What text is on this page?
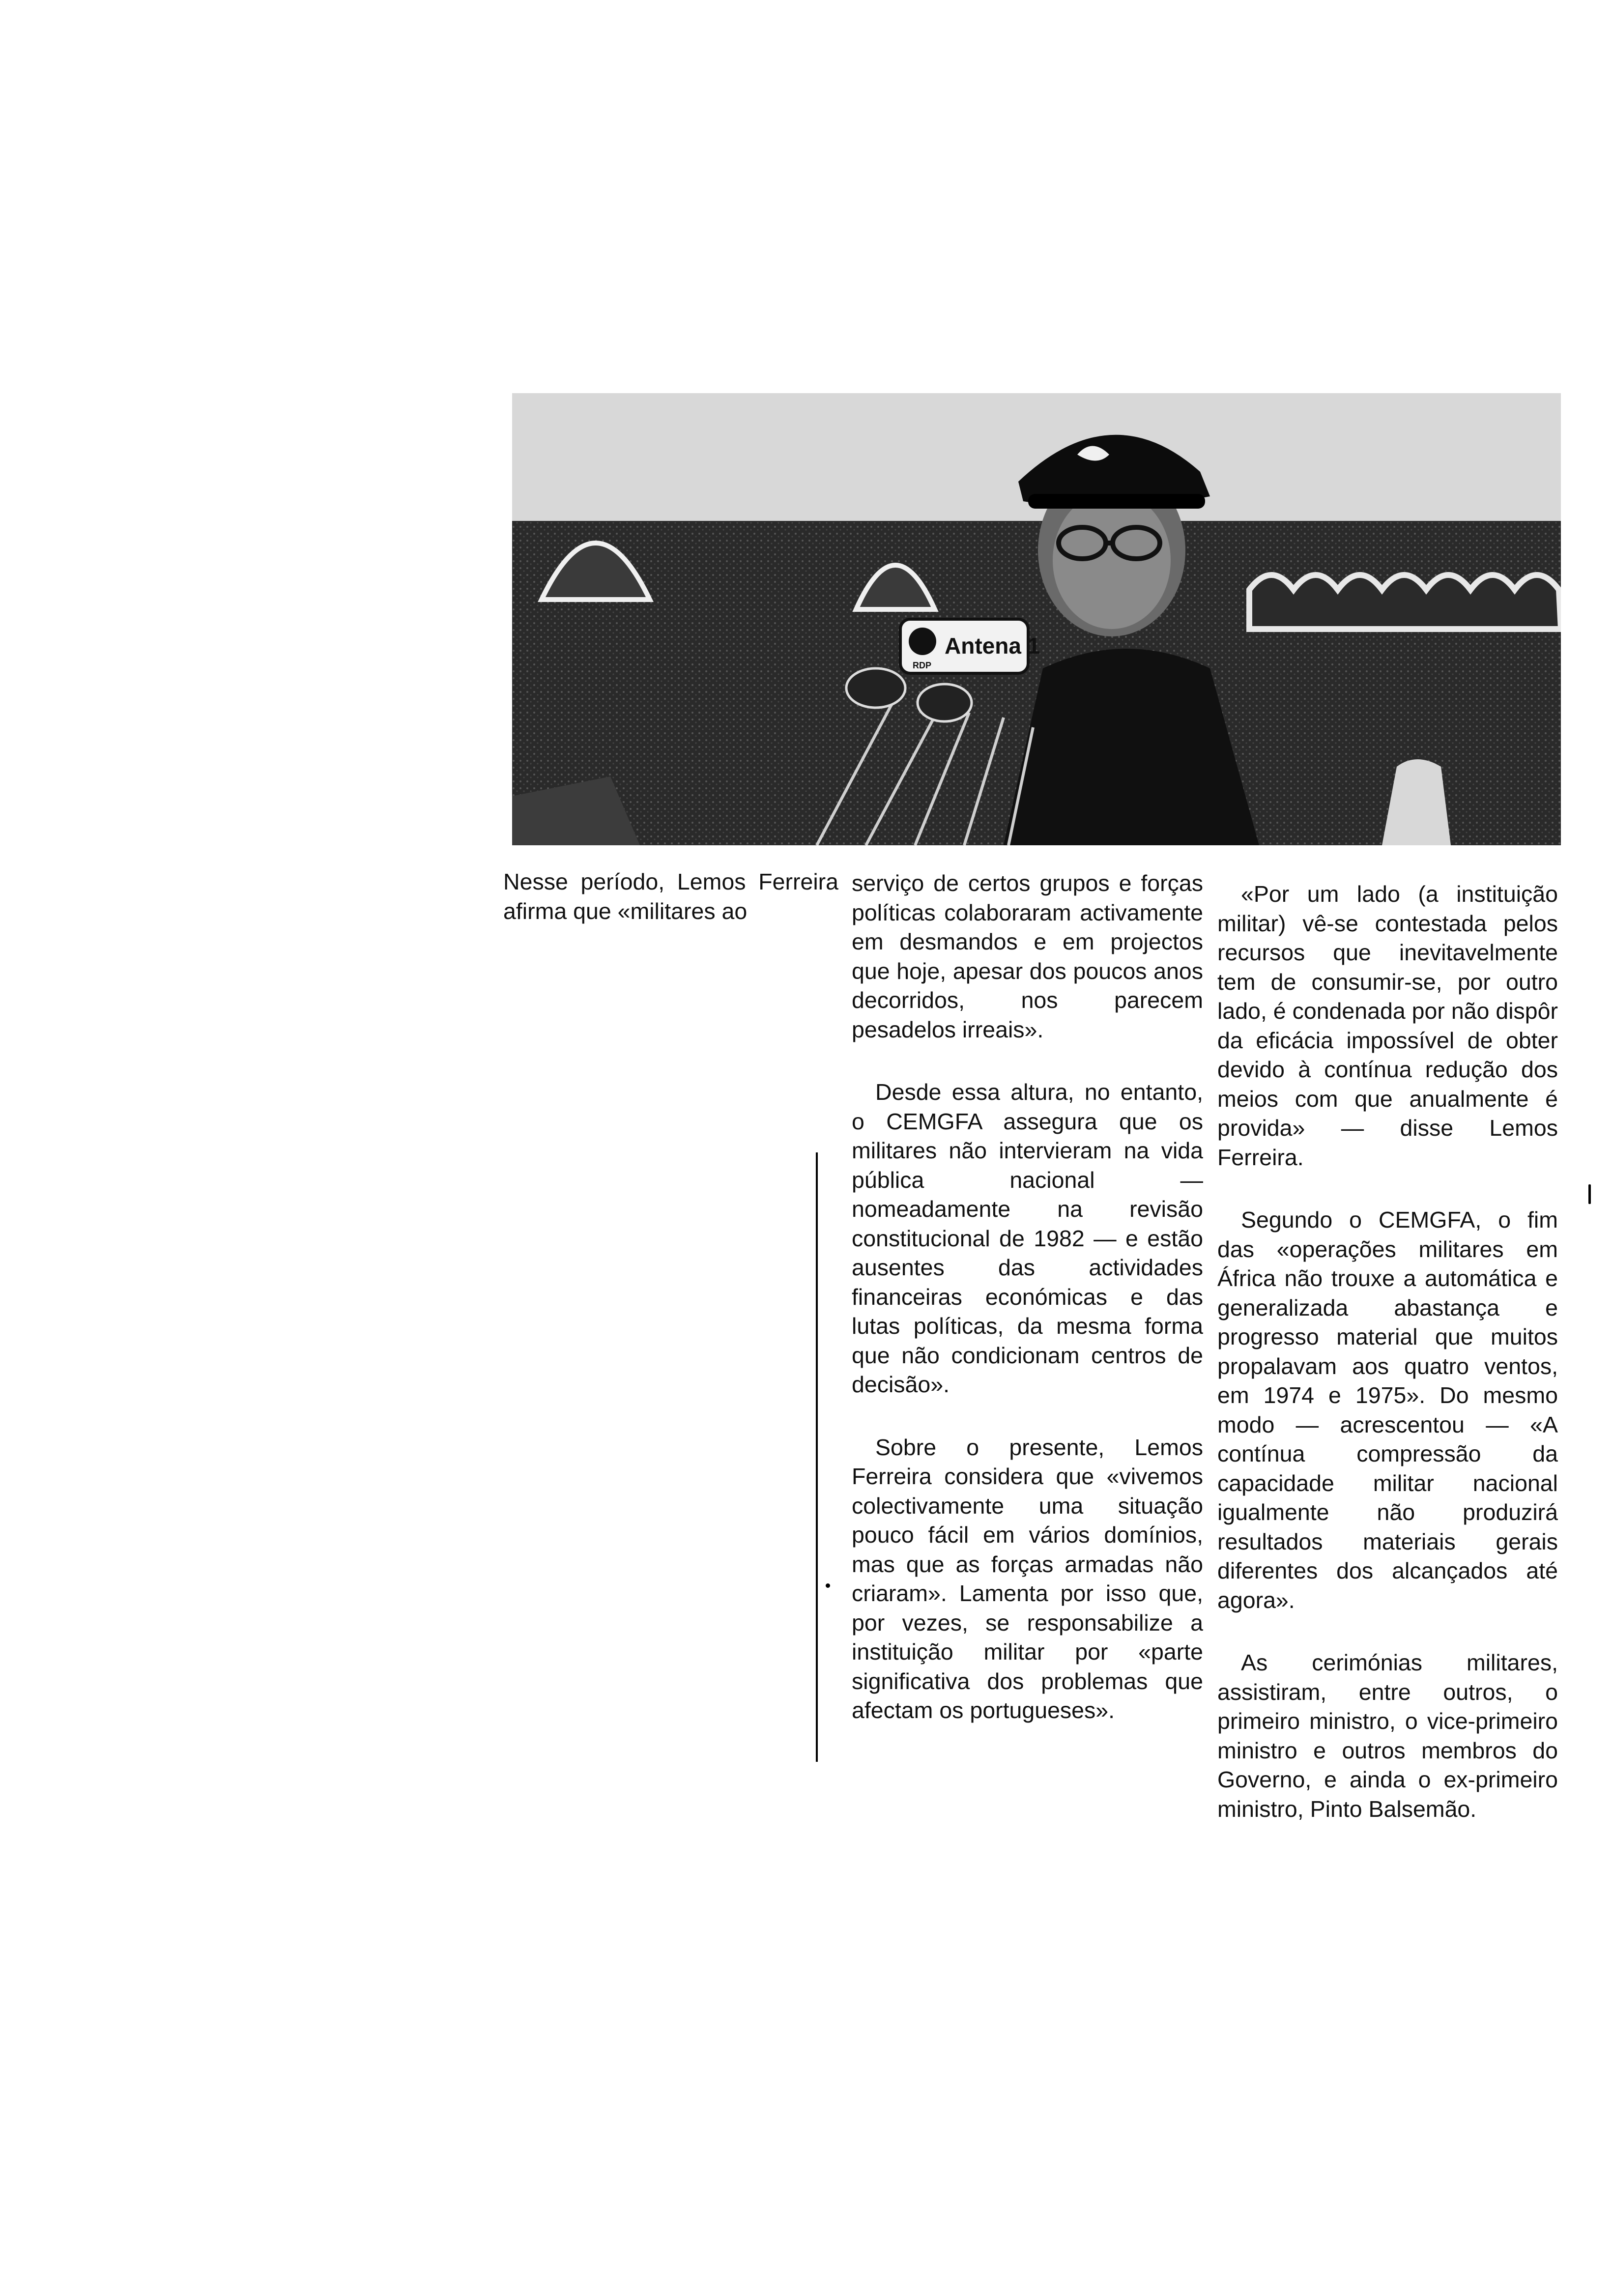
Antena 1
RDP

Nesse período, Lemos Ferreira afirma que «militares ao

serviço de certos grupos e forças políticas colaboraram activamente em desmandos e em projectos que hoje, apesar dos poucos anos decorridos, nos parecem pesadelos irreais».

Desde essa altura, no entanto, o CEMGFA assegura que os militares não intervieram na vida pública nacional — nomeadamente na revisão constitucional de 1982 — e estão ausentes das actividades financeiras económicas e das lutas políticas, da mesma forma que não condicionam centros de decisão».

Sobre o presente, Lemos Ferreira considera que «vivemos colectivamente uma situação pouco fácil em vários domínios, mas que as forças armadas não criaram». Lamenta por isso que, por vezes, se responsabilize a instituição militar por «parte significativa dos problemas que afectam os portugueses».

«Por um lado (a instituição militar) vê-se contestada pelos recursos que inevitavelmente tem de consumir-se, por outro lado, é condenada por não dispôr da eficácia impossível de obter devido à contínua redução dos meios com que anualmente é provida» — disse Lemos Ferreira.

Segundo o CEMGFA, o fim das «operações militares em África não trouxe a automática e generalizada abastança e progresso material que muitos propalavam aos quatro ventos, em 1974 e 1975». Do mesmo modo — acrescentou — «A contínua compressão da capacidade militar nacional igualmente não produzirá resultados materiais gerais diferentes dos alcançados até agora».

As cerimónias militares, assistiram, entre outros, o primeiro ministro, o vice-primeiro ministro e outros membros do Governo, e ainda o ex-primeiro ministro, Pinto Balsemão.
